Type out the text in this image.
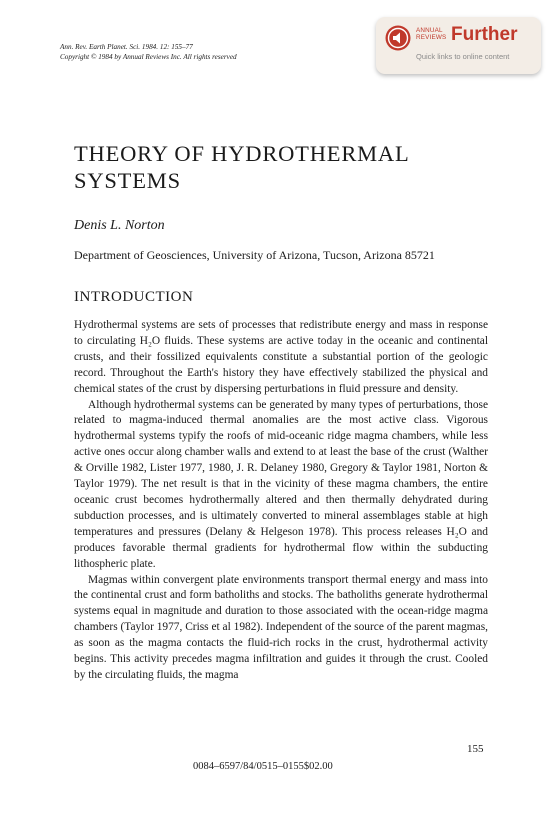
Ann. Rev. Earth Planet. Sci. 1984. 12: 155–77
Copyright © 1984 by Annual Reviews Inc. All rights reserved
ANNUAL
REVIEWS Further
Quick links to online content
THEORY OF HYDROTHERMAL SYSTEMS
Denis L. Norton
Department of Geosciences, University of Arizona, Tucson, Arizona 85721
INTRODUCTION

Hydrothermal systems are sets of processes that redistribute energy and mass in response to circulating H₂O fluids. These systems are active today in the oceanic and continental crusts, and their fossilized equivalents constitute a substantial portion of the geologic record. Throughout the Earth's history they have effectively stabilized the physical and chemical states of the crust by dispersing perturbations in fluid pressure and density.

Although hydrothermal systems can be generated by many types of perturbations, those related to magma-induced thermal anomalies are the most active class. Vigorous hydrothermal systems typify the roofs of mid-oceanic ridge magma chambers, while less active ones occur along chamber walls and extend to at least the base of the crust (Walther & Orville 1982, Lister 1977, 1980, J. R. Delaney 1980, Gregory & Taylor 1981, Norton & Taylor 1979). The net result is that in the vicinity of these magma chambers, the entire oceanic crust becomes hydrothermally altered and then thermally dehydrated during subduction processes, and is ultimately converted to mineral assemblages stable at high temperatures and pressures (Delany & Helgeson 1978). This process releases H₂O and produces favorable thermal gradients for hydrothermal flow within the subducting lithospheric plate.

Magmas within convergent plate environments transport thermal energy and mass into the continental crust and form batholiths and stocks. The batholiths generate hydrothermal systems equal in magnitude and duration to those associated with the ocean-ridge magma chambers (Taylor 1977, Criss et al 1982). Independent of the source of the parent magmas, as soon as the magma contacts the fluid-rich rocks in the crust, hydrothermal activity begins. This activity precedes magma infiltration and guides it through the crust. Cooled by the circulating fluids, the magma

155
0084–6597/84/0515–0155$02.00
